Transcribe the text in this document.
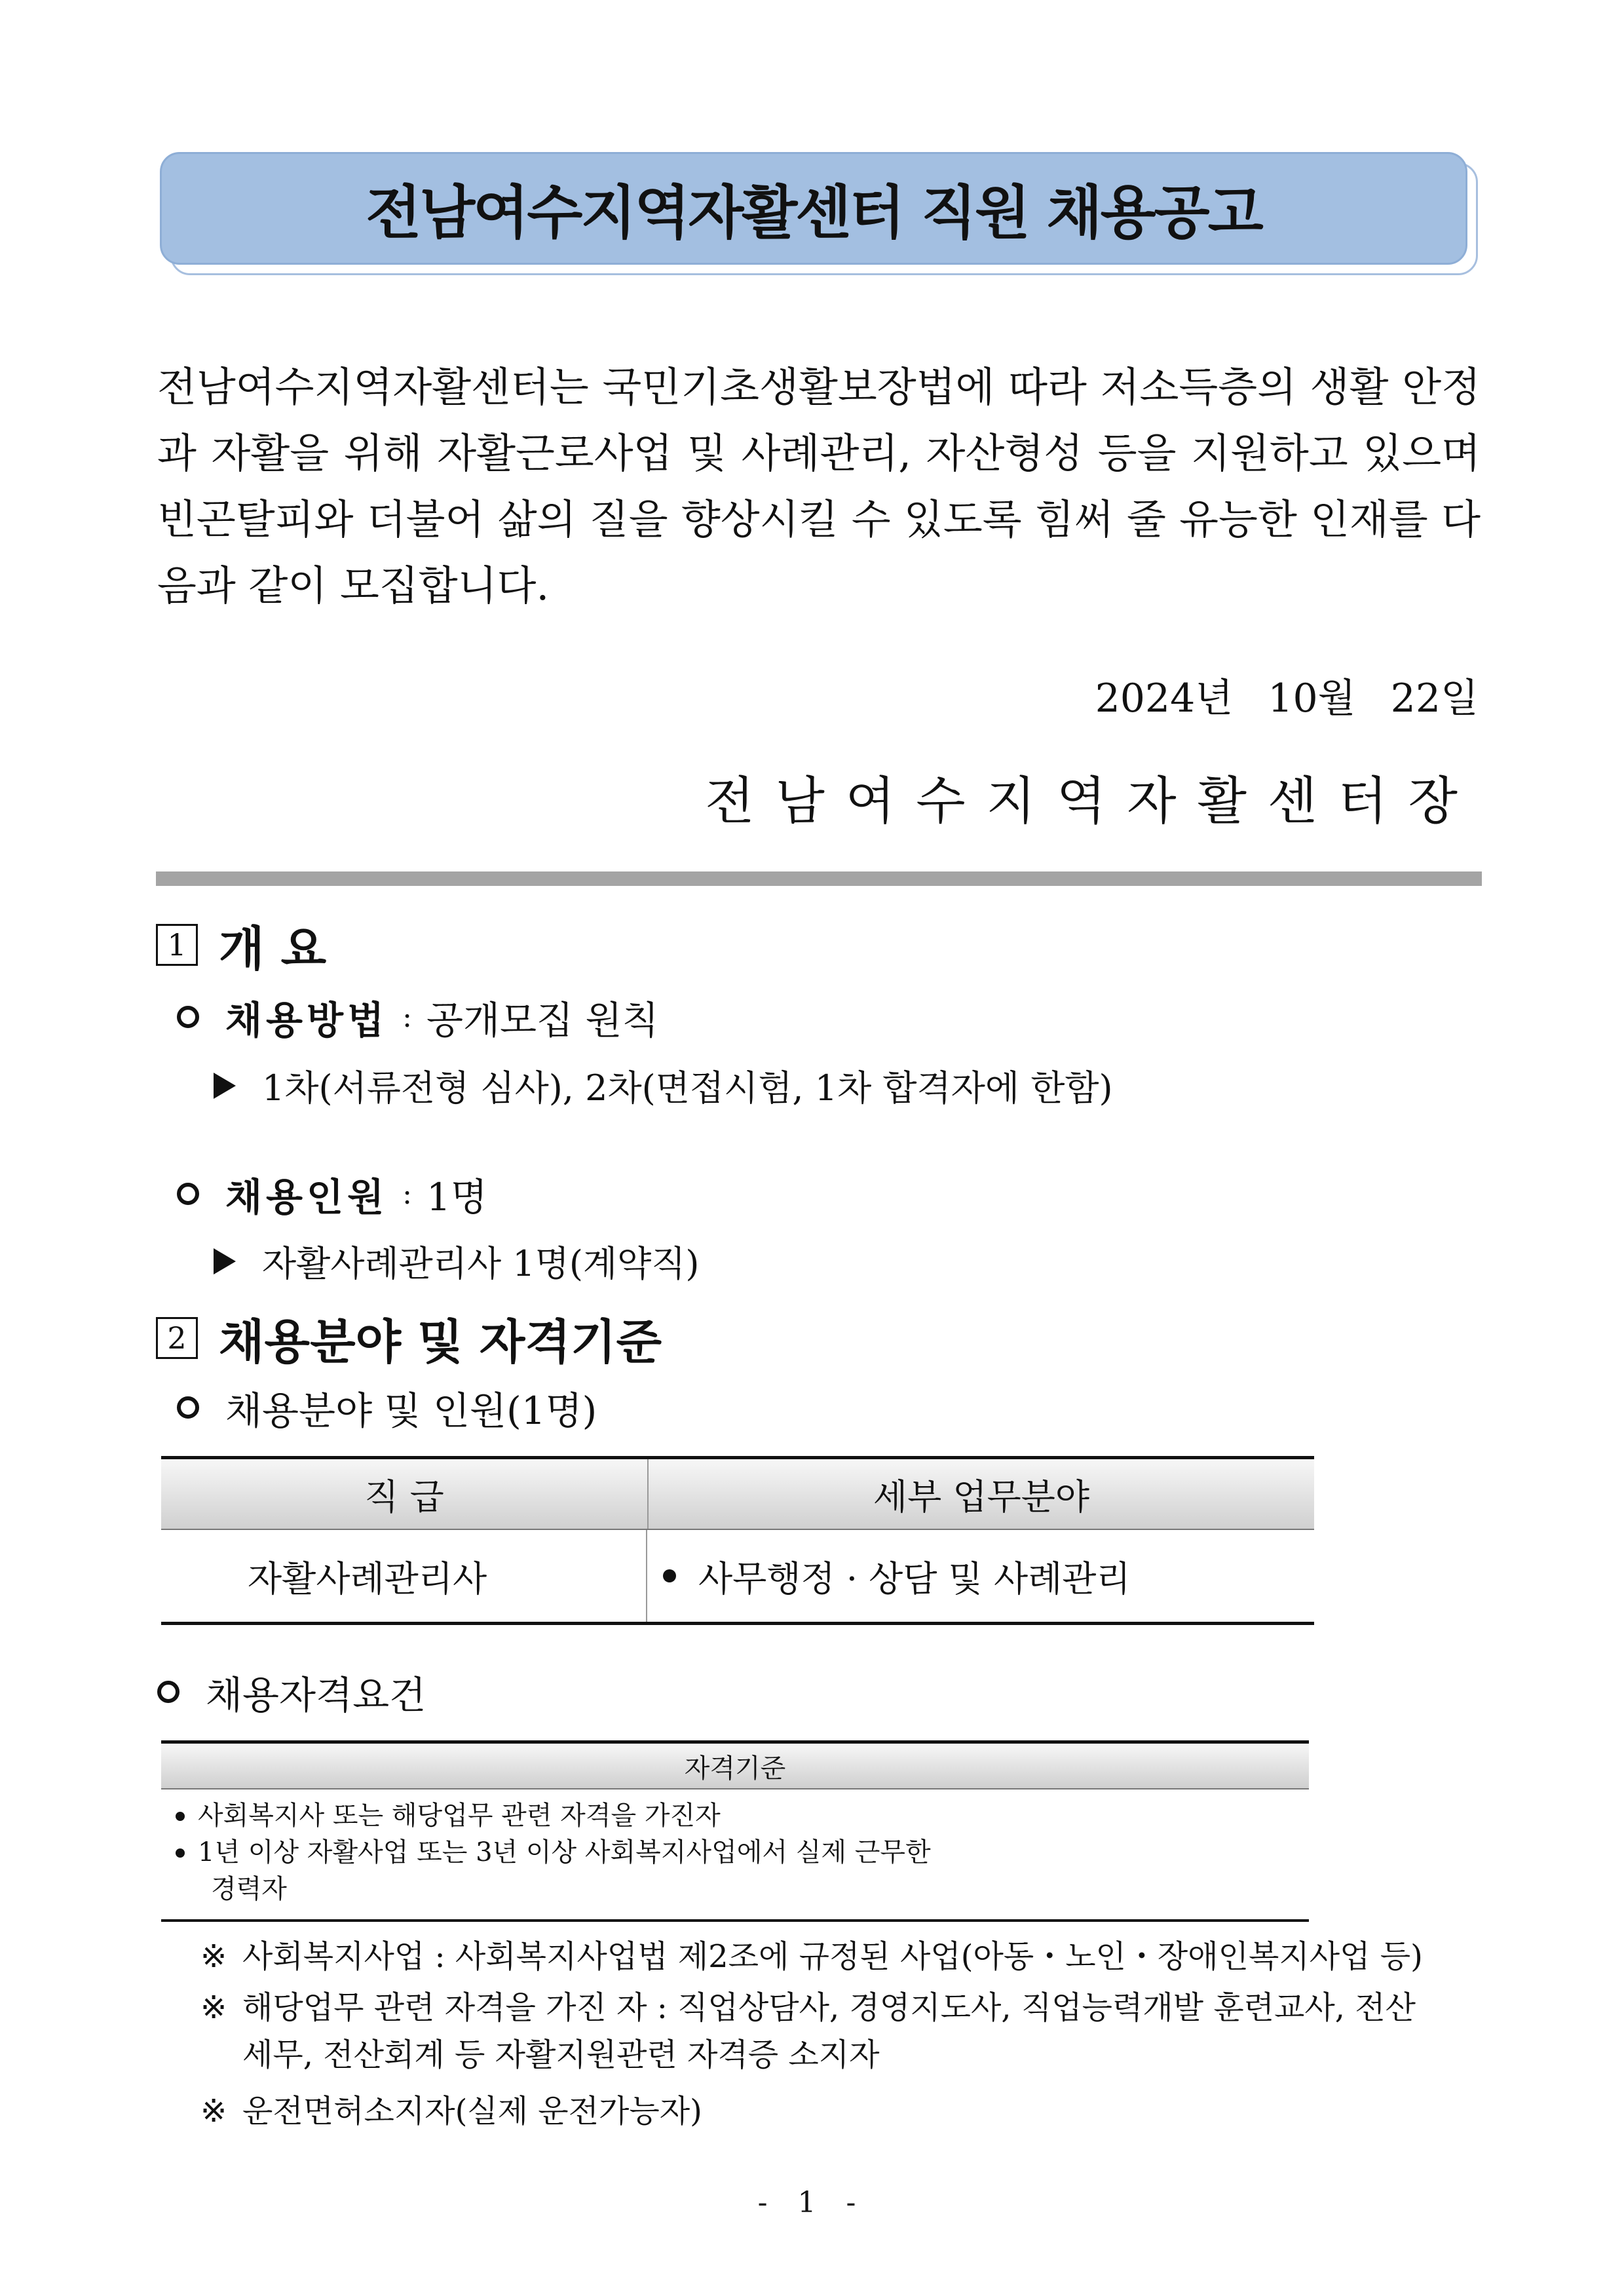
전남여수지역자활센터 직원 채용공고
전남여수지역자활센터는 국민기초생활보장법에 따라 저소득층의 생활 안정과 자활을 위해 자활근로사업 및 사례관리, 자산형성 등을 지원하고 있으며 빈곤탈피와 더불어 삶의 질을 향상시킬 수 있도록 힘써 줄 유능한 인재를 다음과 같이 모집합니다.
2024년 10월 22일
전남여수지역자활센터장
1 개 요
채용방법 : 공개모집 원칙
1차(서류전형 심사), 2차(면접시험, 1차 합격자에 한함)
채용인원 : 1명
자활사례관리사 1명(계약직)
2 채용분야 및 자격기준
채용분야 및 인원(1명)
직 급	세부 업무분야
자활사례관리사	사무행정 · 상담 및 사례관리
채용자격요건
자격기준
사회복지사 또는 해당업무 관련 자격을 가진자
1년 이상 자활사업 또는 3년 이상 사회복지사업에서 실제 근무한
경력자
※ 사회복지사업 : 사회복지사업법 제2조에 규정된 사업(아동・노인・장애인복지사업 등)
※ 해당업무 관련 자격을 가진 자 : 직업상담사, 경영지도사, 직업능력개발 훈련교사, 전산
세무, 전산회계 등 자활지원관련 자격증 소지자
※ 운전면허소지자(실제 운전가능자)
- 1 -
